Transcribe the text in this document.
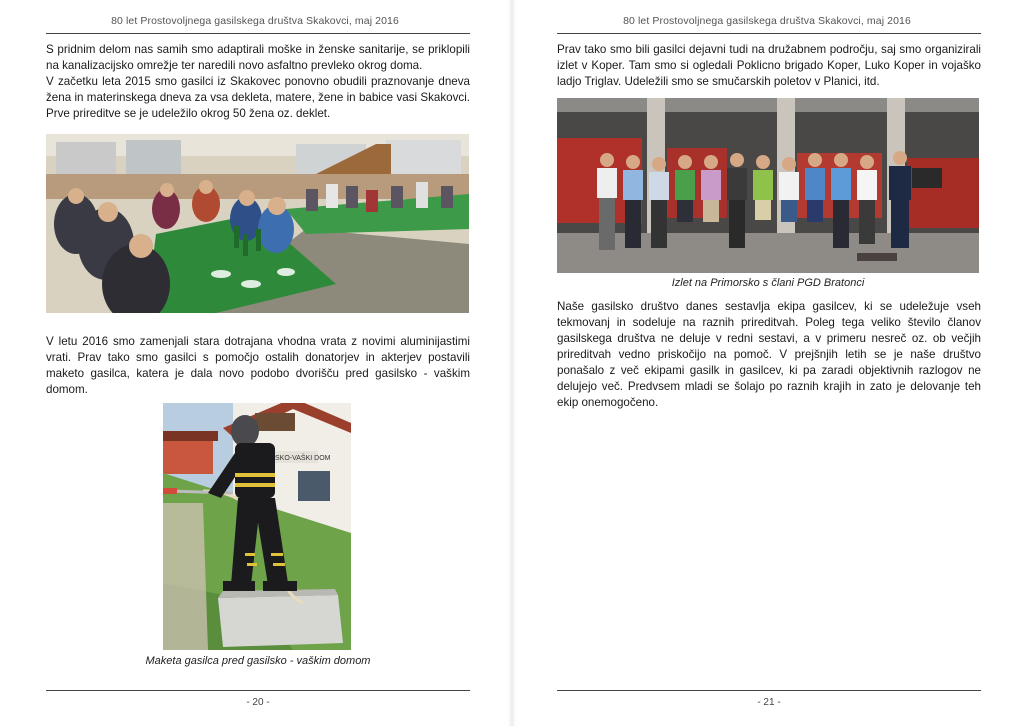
80 let Prostovoljnega gasilskega društva Skakovci, maj 2016

S pridnim delom nas samih smo adaptirali moške in ženske sanitarije, se priklopili na kanalizacijsko omrežje ter naredili novo asfaltno prevleko okrog doma.

V začetku leta 2015 smo gasilci iz Skakovec ponovno obudili praznovanje dneva žena in materinskega dneva za vsa dekleta, matere, žene in babice vasi Skakovci. Prve prireditve se je udeležilo okrog 50 žena oz. deklet.

V letu 2016 smo zamenjali stara dotrajana vhodna vrata z novimi aluminijastimi vrati. Prav tako smo gasilci s pomočjo ostalih donatorjev in akterjev postavili maketo gasilca, katera je dala novo podobo dvorišču pred gasilsko - vaškim domom.

SKO-VAŠKI DOM
Maketa gasilca pred gasilsko - vaškim domom
- 20 -
80 let Prostovoljnega gasilskega društva Skakovci, maj 2016

Prav tako smo bili gasilci dejavni tudi na družabnem področju, saj smo organizirali izlet v Koper. Tam smo si ogledali Poklicno brigado Koper, Luko Koper in vojaško ladjo Triglav. Udeležili smo se smučarskih poletov v Planici, itd.

Izlet na Primorsko s člani PGD Bratonci

Naše gasilsko društvo danes sestavlja ekipa gasilcev, ki se udeležuje vseh tekmovanj in sodeluje na raznih prireditvah. Poleg tega veliko število članov gasilskega društva ne deluje v redni sestavi, a v primeru nesreč oz. ob večjih prireditvah vedno priskočijo na pomoč. V prejšnjih letih se je naše društvo ponašalo z več ekipami gasilk in gasilcev, ki pa zaradi objektivnih razlogov ne delujejo več. Predvsem mladi se šolajo po raznih krajih in zato je delovanje teh ekip onemogočeno.

- 21 -
